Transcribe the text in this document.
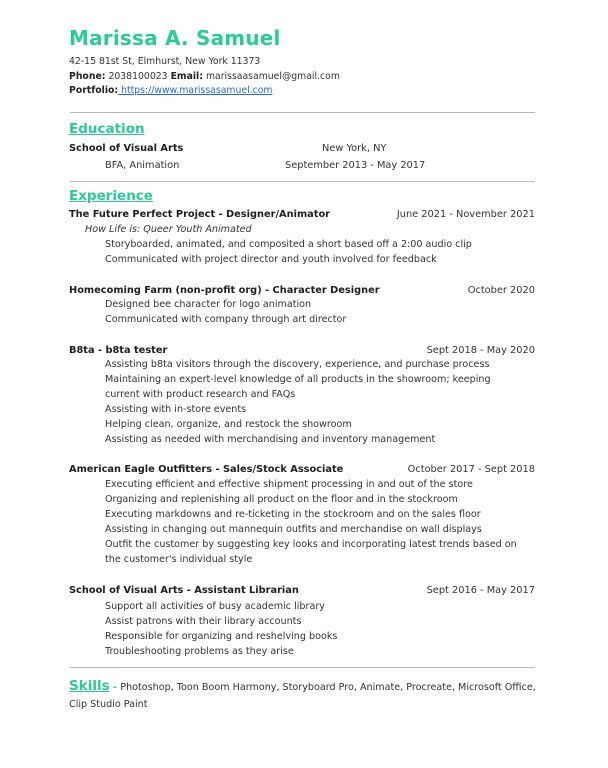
Marissa A. Samuel
42-15 81st St, Elmhurst, New York 11373
Phone: 2038100023 Email: marissaasamuel@gmail.com
Portfolio: https://www.marissasamuel.com
Education
School of Visual Arts	New York, NY
BFA, Animation	September 2013 - May 2017
Experience
The Future Perfect Project - Designer/Animator	June 2021 - November 2021
How Life is: Queer Youth Animated
Storyboarded, animated, and composited a short based off a 2:00 audio clip
Communicated with project director and youth involved for feedback
Homecoming Farm (non-profit org) - Character Designer	October 2020
Designed bee character for logo animation
Communicated with company through art director
B8ta - b8ta tester	Sept 2018 - May 2020
Assisting b8ta visitors through the discovery, experience, and purchase process
Maintaining an expert-level knowledge of all products in the showroom; keeping
current with product research and FAQs
Assisting with in-store events
Helping clean, organize, and restock the showroom
Assisting as needed with merchandising and inventory management
American Eagle Outfitters - Sales/Stock Associate	October 2017 - Sept 2018
Executing efficient and effective shipment processing in and out of the store
Organizing and replenishing all product on the floor and in the stockroom
Executing markdowns and re-ticketing in the stockroom and on the sales floor
Assisting in changing out mannequin outfits and merchandise on wall displays
Outfit the customer by suggesting key looks and incorporating latest trends based on
the customer's individual style
School of Visual Arts - Assistant Librarian	Sept 2016 - May 2017
Support all activities of busy academic library
Assist patrons with their library accounts
Responsible for organizing and reshelving books
Troubleshooting problems as they arise
Skills - Photoshop, Toon Boom Harmony, Storyboard Pro, Animate, Procreate, Microsoft Office, Clip Studio Paint
